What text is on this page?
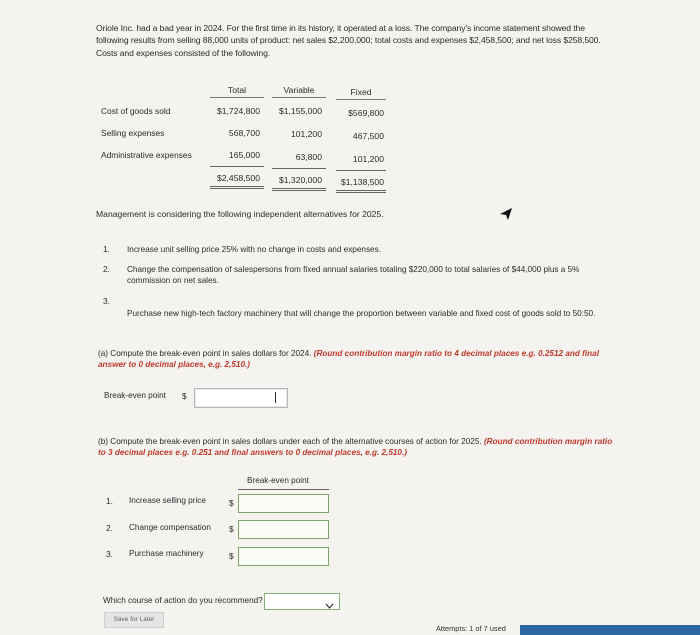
Oriole Inc. had a bad year in 2024. For the first time in its history, it operated at a loss. The company's income statement showed the following results from selling 88,000 units of product: net sales $2,200,000; total costs and expenses $2,458,500; and net loss $258,500. Costs and expenses consisted of the following.
Total	Variable	Fixed
Cost of goods sold	$1,724,800	$1,155,000	$569,800
Selling expenses	568,700	101,200	467,500
Administrative expenses	165,000	63,800	101,200
$2,458,500	$1,320,000	$1,138,500
Management is considering the following independent alternatives for 2025.
1. Increase unit selling price 25% with no change in costs and expenses.
2. Change the compensation of salespersons from fixed annual salaries totaling $220,000 to total salaries of $44,000 plus a 5% commission on net sales.
3.
Purchase new high-tech factory machinery that will change the proportion between variable and fixed cost of goods sold to 50:50.
(a) Compute the break-even point in sales dollars for 2024. (Round contribution margin ratio to 4 decimal places e.g. 0.2512 and final answer to 0 decimal places, e.g. 2,510.)
Break-even point $
(b) Compute the break-even point in sales dollars under each of the alternative courses of action for 2025. (Round contribution margin ratio to 3 decimal places e.g. 0.251 and final answers to 0 decimal places, e.g. 2,510.)
Break-even point
1. Increase selling price	$
2. Change compensation $
3. Purchase machinery	$
Which course of action do you recommend?
Save for Later
Attempts: 1 of 7 used
